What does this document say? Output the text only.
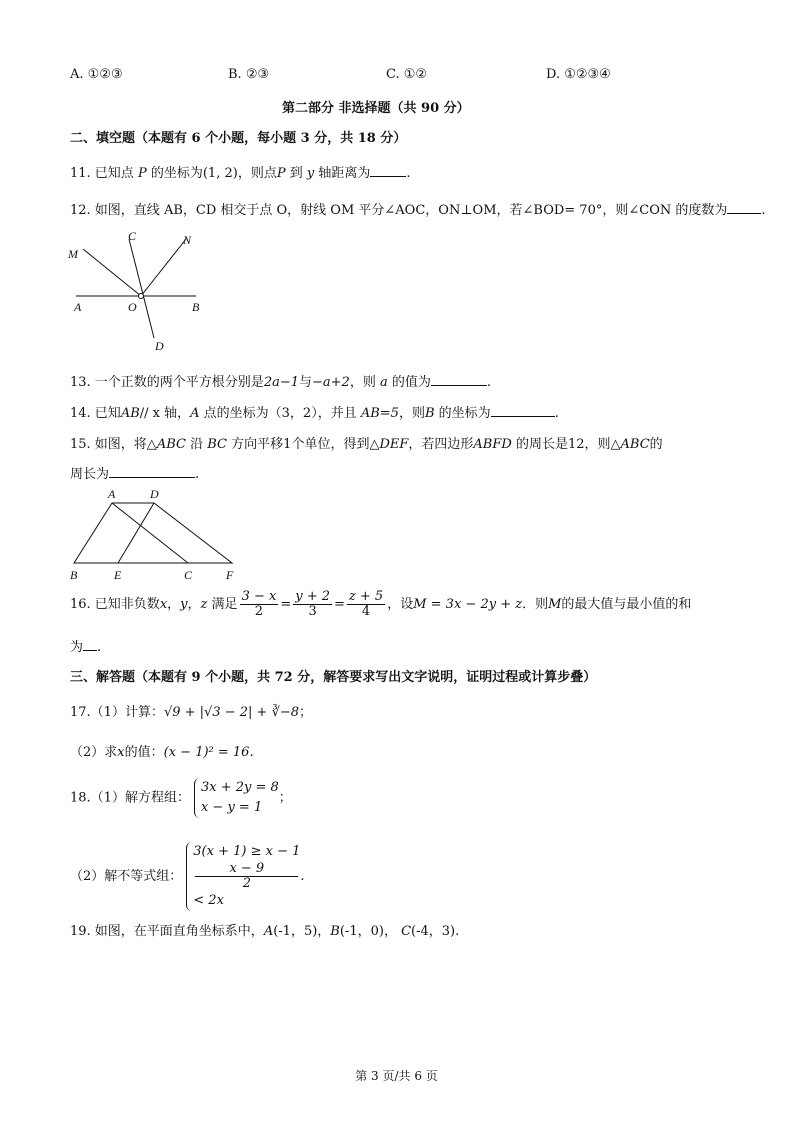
A. ①②③	B. ②③	C. ①②	D. ①②③④
第二部分 非选择题（共 90 分）
二、填空题（本题有 6 个小题，每小题 3 分，共 18 分）
11. 已知点 P 的坐标为(1, 2)，则点P 到 y 轴距离为	.
12. 如图，直线 AB，CD 相交于点 O，射线 OM 平分∠AOC，ON⊥OM，若∠BOD= 70°，则∠CON 的度数为	.
M
C	N
A	O	B
D
13. 一个正数的两个平方根分别是2a−1与−a+2，则 a 的值为	.
14. 已知AB// x 轴，A 点的坐标为（3，2），并且 AB=5，则B 的坐标为	.
15. 如图，将△ABC 沿 BC 方向平移1个单位，得到△DEF，若四边形ABFD 的周长是12，则△ABC的
周长为	.
A	D
B	E	C	F
16. 已知非负数x，y，z 满足 $\frac{3 - x}{2} = \frac{y + 2}{3} = \frac{z + 5}{4}$ ，设M = 3x − 2y + z．则M的最大值与最小值的和
为 .
三、解答题（本题有 9 个小题，共 72 分，解答要求写出文字说明，证明过程或计算步叠）
17.（1）计算：√9 + |√3 − 2| + ∛−8；
（2）求x的值：(x − 1)² = 16.
18.（1）解方程组：
3x + 2y = 8
x − y = 1
；
（2）解不等式组：
3(x + 1) ≥ x − 1
x − 9
2
< 2x
.
19. 如图，在平面直角坐标系中，A(-1，5)，B(-1，0)， C(-4，3).
第 3 页/共 6 页
